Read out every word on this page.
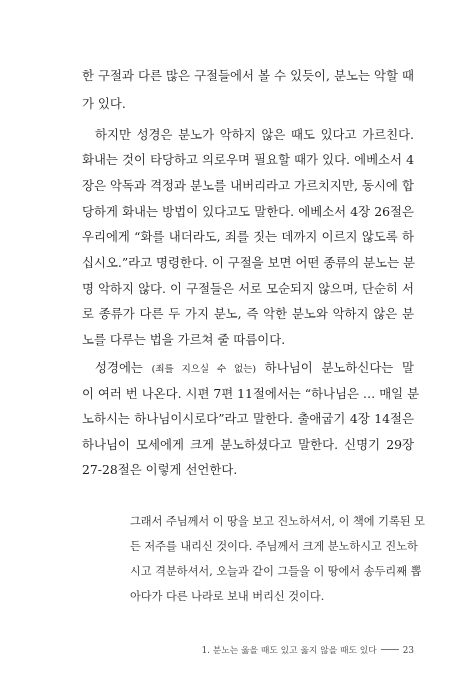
한 구절과 다른 많은 구절들에서 볼 수 있듯이, 분노는 악할 때
가 있다.
하지만 성경은 분노가 악하지 않은 때도 있다고 가르친다.
화내는 것이 타당하고 의로우며 필요할 때가 있다. 에베소서 4
장은 악독과 격정과 분노를 내버리라고 가르치지만, 동시에 합
당하게 화내는 방법이 있다고도 말한다. 에베소서 4장 26절은
우리에게 “화를 내더라도, 죄를 짓는 데까지 이르지 않도록 하
십시오.”라고 명령한다. 이 구절을 보면 어떤 종류의 분노는 분
명 악하지 않다. 이 구절들은 서로 모순되지 않으며, 단순히 서
로 종류가 다른 두 가지 분노, 즉 악한 분노와 악하지 않은 분
노를 다루는 법을 가르쳐 줄 따름이다.
성경에는 (죄를 지으실 수 없는) 하나님이 분노하신다는 말
이 여러 번 나온다. 시편 7편 11절에서는 “하나님은 … 매일 분
노하시는 하나님이시로다”라고 말한다. 출애굽기 4장 14절은
하나님이 모세에게 크게 분노하셨다고 말한다. 신명기 29장
27-28절은 이렇게 선언한다.
그래서 주님께서 이 땅을 보고 진노하셔서, 이 책에 기록된 모
든 저주를 내리신 것이다. 주님께서 크게 분노하시고 진노하
시고 격분하셔서, 오늘과 같이 그들을 이 땅에서 송두리째 뽑
아다가 다른 나라로 보내 버리신 것이다.
1. 분노는 옳을 때도 있고 옳지 않을 때도 있다	23
